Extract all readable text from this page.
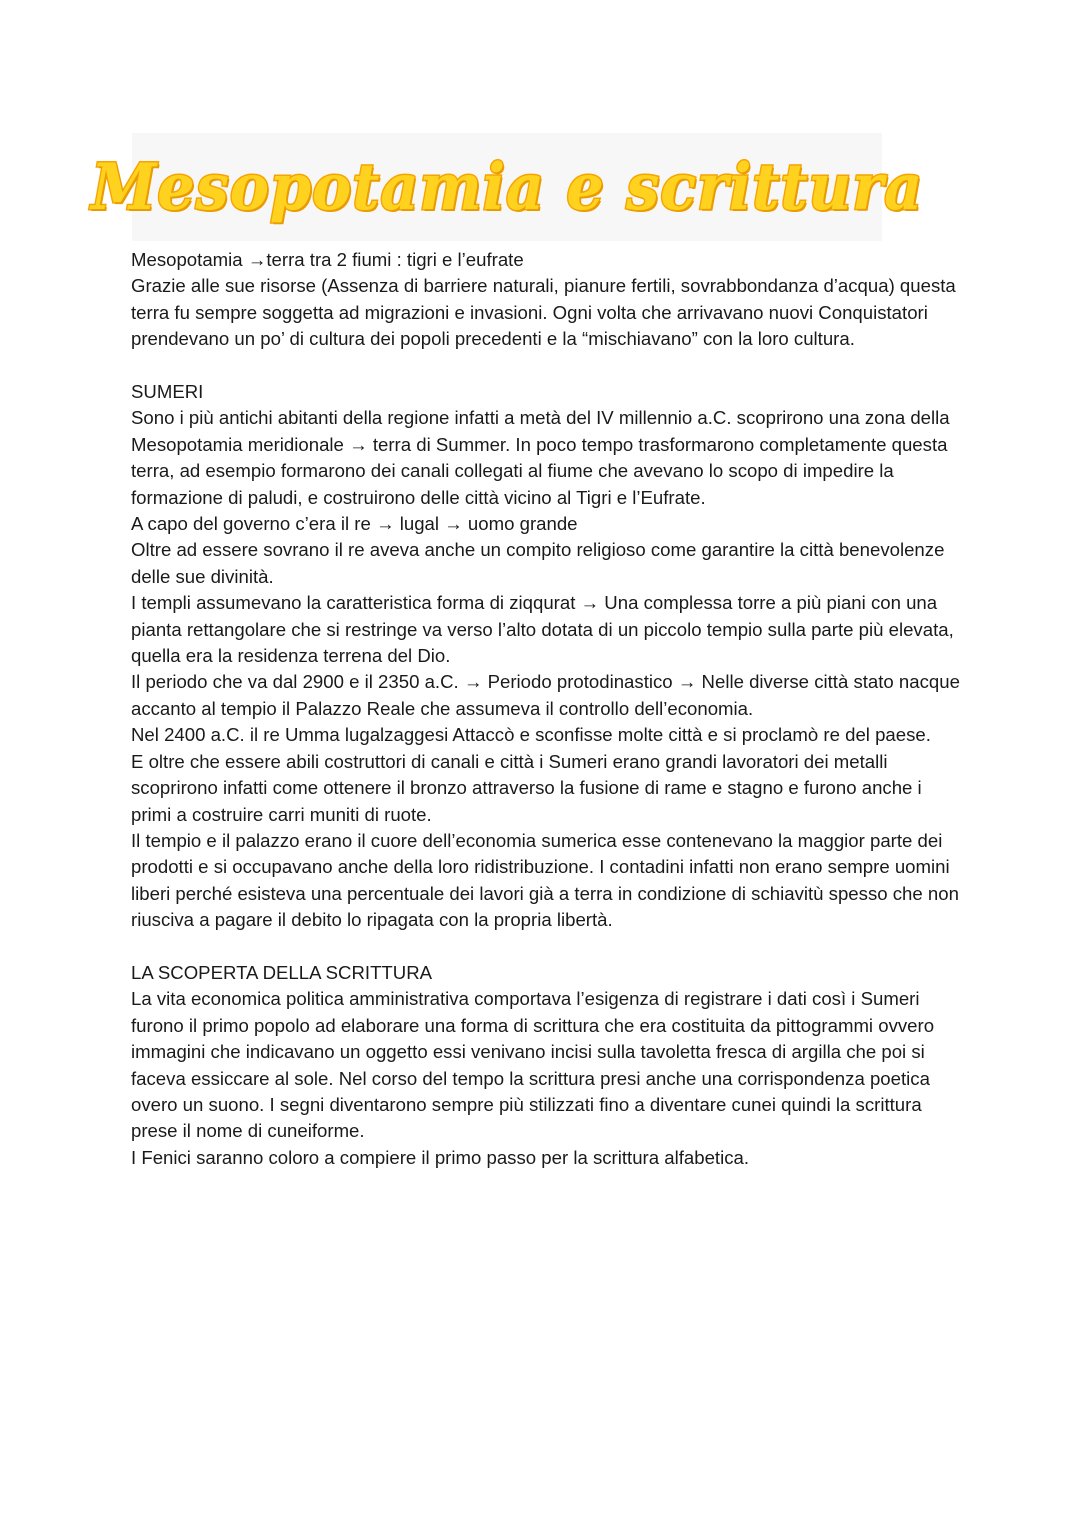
Mesopotamia e scrittura

Mesopotamia →terra tra 2 fiumi : tigri e l’eufrate

Grazie alle sue risorse (Assenza di barriere naturali, pianure fertili, sovrabbondanza d’acqua) questa terra fu sempre soggetta ad migrazioni e invasioni. Ogni volta che arrivavano nuovi Conquistatori prendevano un po’ di cultura dei popoli precedenti e la “mischiavano” con la loro cultura.

SUMERI

Sono i più antichi abitanti della regione infatti a metà del IV millennio a.C. scoprirono una zona della Mesopotamia meridionale → terra di Summer. In poco tempo trasformarono completamente questa terra, ad esempio formarono dei canali collegati al fiume che avevano lo scopo di impedire la formazione di paludi, e costruirono delle città vicino al Tigri e l’Eufrate.

A capo del governo c’era il re → lugal → uomo grande

Oltre ad essere sovrano il re aveva anche un compito religioso come garantire la città benevolenze delle sue divinità.

I templi assumevano la caratteristica forma di ziqqurat → Una complessa torre a più piani con una pianta rettangolare che si restringe va verso l’alto dotata di un piccolo tempio sulla parte più elevata, quella era la residenza terrena del Dio.

Il periodo che va dal 2900 e il 2350 a.C. → Periodo protodinastico → Nelle diverse città stato nacque accanto al tempio il Palazzo Reale che assumeva il controllo dell’economia.

Nel 2400 a.C. il re Umma lugalzaggesi Attaccò e sconfisse molte città e si proclamò re del paese.

E oltre che essere abili costruttori di canali e città i Sumeri erano grandi lavoratori dei metalli scoprirono infatti come ottenere il bronzo attraverso la fusione di rame e stagno e furono anche i primi a costruire carri muniti di ruote.

Il tempio e il palazzo erano il cuore dell’economia sumerica esse contenevano la maggior parte dei prodotti e si occupavano anche della loro ridistribuzione. I contadini infatti non erano sempre uomini liberi perché esisteva una percentuale dei lavori già a terra in condizione di schiavitù spesso che non riusciva a pagare il debito lo ripagata con la propria libertà.

LA SCOPERTA DELLA SCRITTURA

La vita economica politica amministrativa comportava l’esigenza di registrare i dati così i Sumeri furono il primo popolo ad elaborare una forma di scrittura che era costituita da pittogrammi ovvero immagini che indicavano un oggetto essi venivano incisi sulla tavoletta fresca di argilla che poi si faceva essiccare al sole. Nel corso del tempo la scrittura presi anche una corrispondenza poetica overo un suono. I segni diventarono sempre più stilizzati fino a diventare cunei quindi la scrittura prese il nome di cuneiforme.

I Fenici saranno coloro a compiere il primo passo per la scrittura alfabetica.
